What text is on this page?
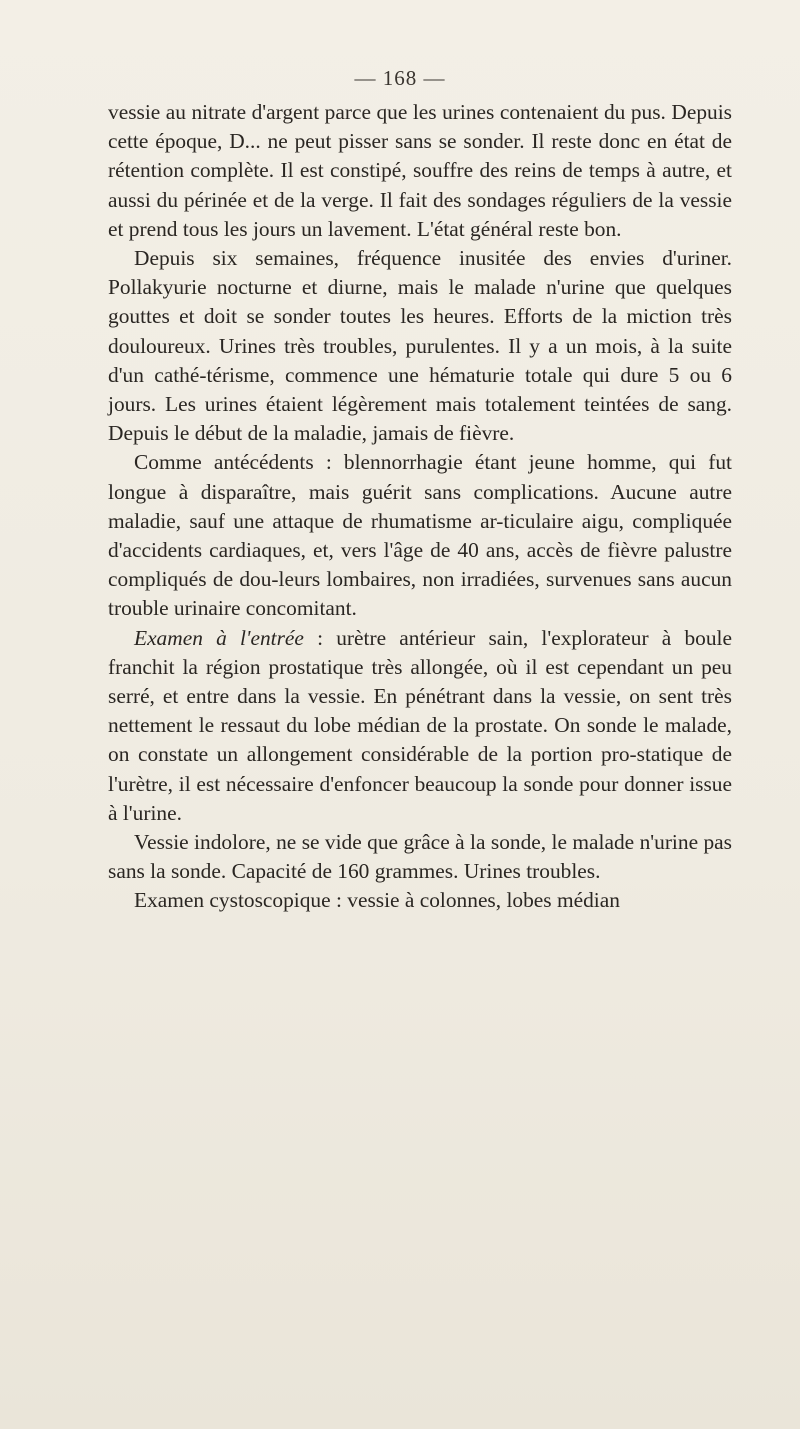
— 168 —

vessie au nitrate d'argent parce que les urines contenaient du pus. Depuis cette époque, D... ne peut pisser sans se sonder. Il reste donc en état de rétention complète. Il est constipé, souffre des reins de temps à autre, et aussi du périnée et de la verge. Il fait des sondages réguliers de la vessie et prend tous les jours un lavement. L'état général reste bon.

Depuis six semaines, fréquence inusitée des envies d'uriner. Pollakyurie nocturne et diurne, mais le malade n'urine que quelques gouttes et doit se sonder toutes les heures. Efforts de la miction très douloureux. Urines très troubles, purulentes. Il y a un mois, à la suite d'un cathé-térisme, commence une hématurie totale qui dure 5 ou 6 jours. Les urines étaient légèrement mais totalement teintées de sang. Depuis le début de la maladie, jamais de fièvre.

Comme antécédents : blennorrhagie étant jeune homme, qui fut longue à disparaître, mais guérit sans complications. Aucune autre maladie, sauf une attaque de rhumatisme ar-ticulaire aigu, compliquée d'accidents cardiaques, et, vers l'âge de 40 ans, accès de fièvre palustre compliqués de dou-leurs lombaires, non irradiées, survenues sans aucun trouble urinaire concomitant.

Examen à l'entrée : urètre antérieur sain, l'explorateur à boule franchit la région prostatique très allongée, où il est cependant un peu serré, et entre dans la vessie. En pénétrant dans la vessie, on sent très nettement le ressaut du lobe médian de la prostate. On sonde le malade, on constate un allongement considérable de la portion pro-statique de l'urètre, il est nécessaire d'enfoncer beaucoup la sonde pour donner issue à l'urine.

Vessie indolore, ne se vide que grâce à la sonde, le malade n'urine pas sans la sonde. Capacité de 160 grammes. Urines troubles.

Examen cystoscopique : vessie à colonnes, lobes médian
